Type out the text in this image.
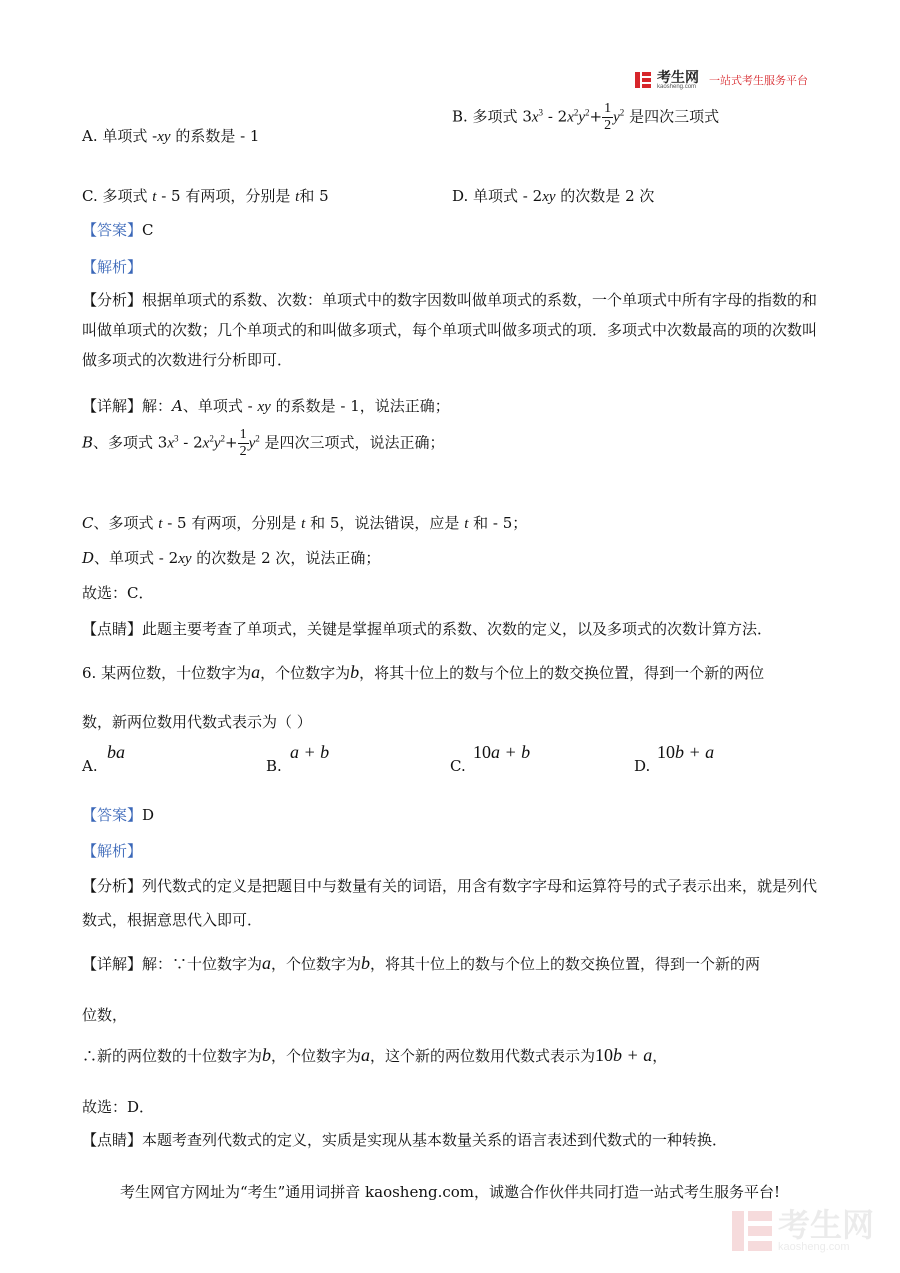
考生网
kaosheng.com 一站式考生服务平台
A. 单项式 -xy 的系数是 - 1
B. 多项式 $3x^3 - 2x^2y^2+ \frac{1}{2} y^2$ 是四次三项式
C. 多项式 t - 5 有两项，分别是 t和 5	D. 单项式 - 2xy 的次数是 2 次
【答案】C
【解析】
【分析】根据单项式的系数、次数：单项式中的数字因数叫做单项式的系数，一个单项式中所有字母的指数的和叫做单项式的次数；几个单项式的和叫做多项式，每个单项式叫做多项式的项．多项式中次数最高的项的次数叫做多项式的次数进行分析即可．
【详解】解：A、单项式 - xy 的系数是 - 1，说法正确；
B、多项式 $3x^3 - 2x^2y^2+ \frac{1}{2} y^2$ 是四次三项式，说法正确；
C、多项式 t - 5 有两项，分别是 t 和 5，说法错误，应是 t 和 - 5；
D、单项式 - 2xy 的次数是 2 次，说法正确；
故选：C．
【点睛】此题主要考查了单项式，关键是掌握单项式的系数、次数的定义，以及多项式的次数计算方法．
6. 某两位数，十位数字为a，个位数字为b，将其十位上的数与个位上的数交换位置，得到一个新的两位
数，新两位数用代数式表示为（ ）
A.
ba
B.
a + b
C.
10a + b
D.
10b + a
【答案】D
【解析】
【分析】列代数式的定义是把题目中与数量有关的词语，用含有数字字母和运算符号的式子表示出来，就是列代数式，根据意思代入即可．
【详解】解：∵十位数字为a，个位数字为b，将其十位上的数与个位上的数交换位置，得到一个新的两
位数，
∴新的两位数的十位数字为b，个位数字为a，这个新的两位数用代数式表示为10b + a，
故选：D．
【点睛】本题考查列代数式的定义，实质是实现从基本数量关系的语言表述到代数式的一种转换．
考生网官方网址为“考生”通用词拼音 kaosheng.com，诚邀合作伙伴共同打造一站式考生服务平台!
考生网
kaosheng.com
